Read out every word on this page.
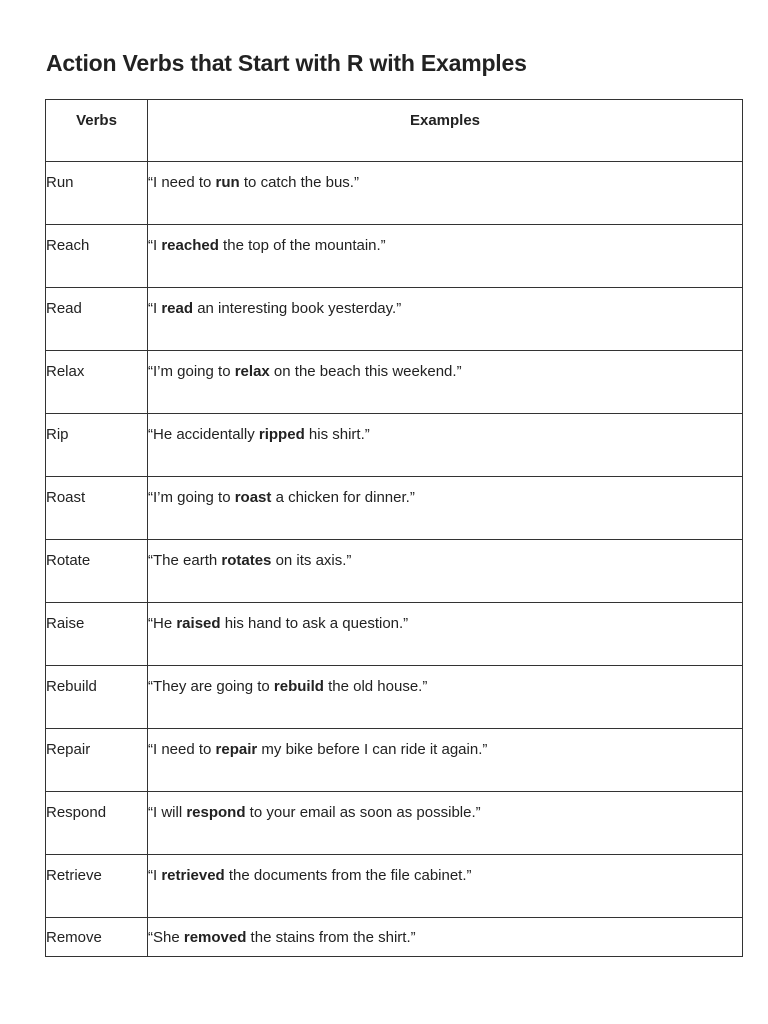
Action Verbs that Start with R with Examples
Verbs	Examples
Run	“I need to run to catch the bus.”
Reach	“I reached the top of the mountain.”
Read	“I read an interesting book yesterday.”
Relax	“I’m going to relax on the beach this weekend.”
Rip	“He accidentally ripped his shirt.”
Roast	“I’m going to roast a chicken for dinner.”
Rotate	“The earth rotates on its axis.”
Raise	“He raised his hand to ask a question.”
Rebuild	“They are going to rebuild the old house.”
Repair	“I need to repair my bike before I can ride it again.”
Respond	“I will respond to your email as soon as possible.”
Retrieve	“I retrieved the documents from the file cabinet.”
Remove	“She removed the stains from the shirt.”
